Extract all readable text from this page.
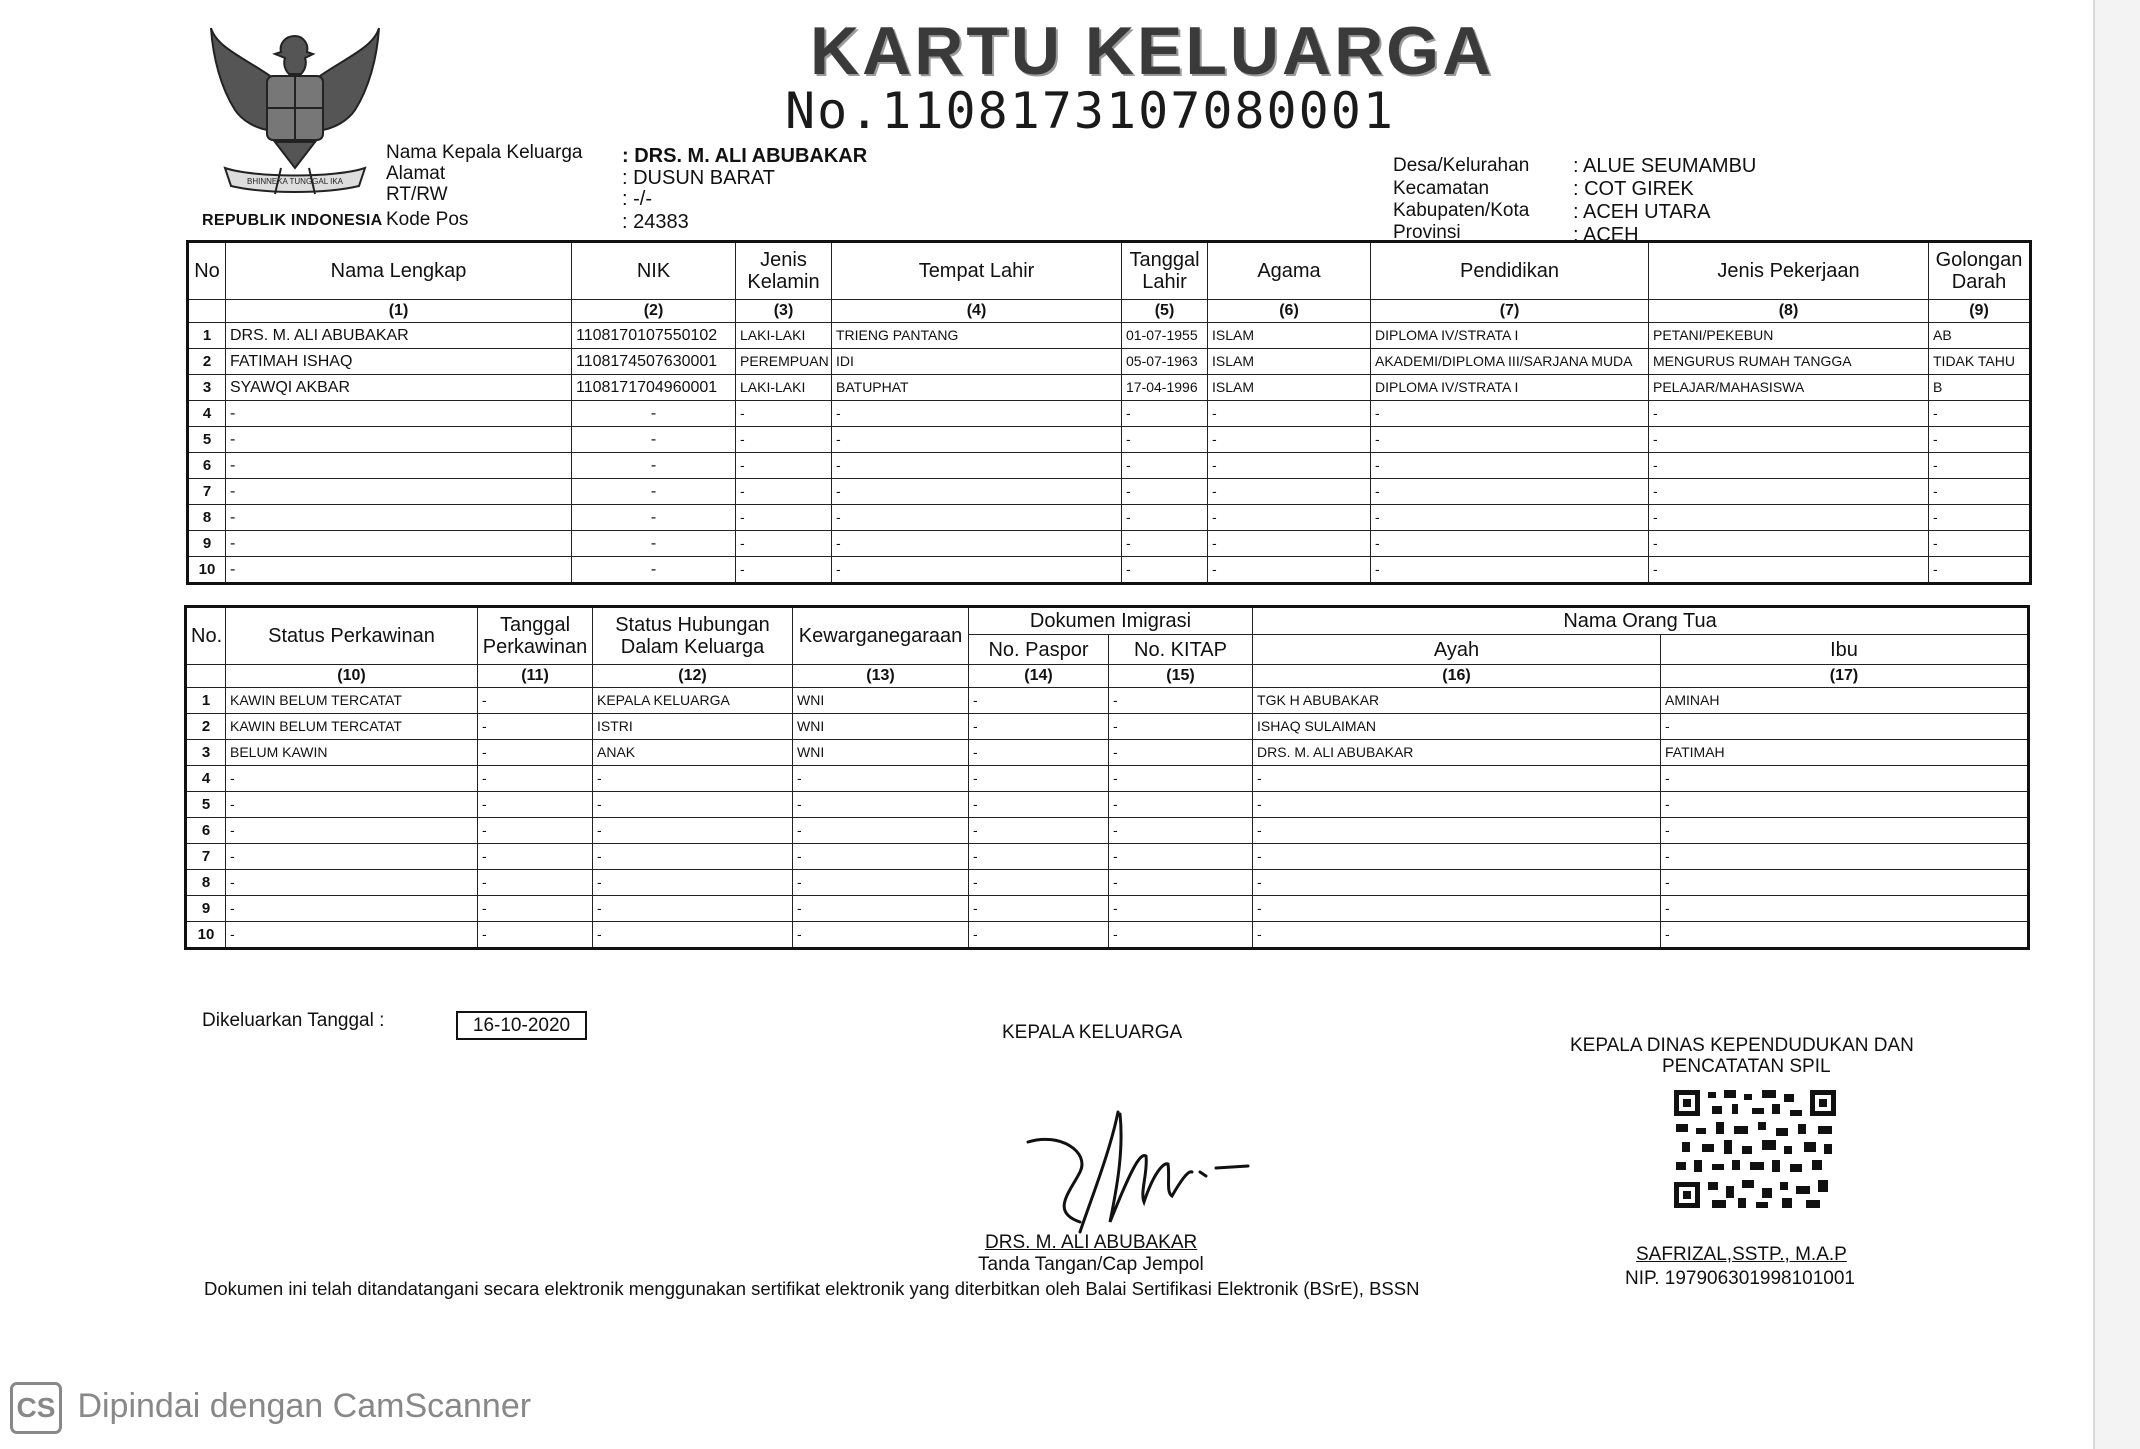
BHINNEKA TUNGGAL IKA
REPUBLIK INDONESIA
KARTU KELUARGA
No.1108173107080001
Nama Kepala Keluarga : DRS. M. ALI ABUBAKAR
Alamat	: DUSUN BARAT
RT/RW	: -/-
Kode Pos	: 24383
Desa/Kelurahan : ALUE SEUMAMBU
Kecamatan	: COT GIREK
Kabupaten/Kota : ACEH UTARA
Provinsi	: ACEH
No	Nama Lengkap	NIK	Jenis Kelamin	Tempat Lahir	Tanggal Lahir	Agama	Pendidikan	Jenis Pekerjaan	Golongan Darah
	(1)	(2)	(3)	(4)	(5)	(6)	(7)	(8)	(9)
1	DRS. M. ALI ABUBAKAR	1108170107550102	LAKI-LAKI	TRIENG PANTANG	01-07-1955	ISLAM	DIPLOMA IV/STRATA I	PETANI/PEKEBUN	AB
2	FATIMAH ISHAQ	1108174507630001	PEREMPUAN	IDI	05-07-1963	ISLAM	AKADEMI/DIPLOMA III/SARJANA MUDA	MENGURUS RUMAH TANGGA	TIDAK TAHU
3	SYAWQI AKBAR	1108171704960001	LAKI-LAKI	BATUPHAT	17-04-1996	ISLAM	DIPLOMA IV/STRATA I	PELAJAR/MAHASISWA	B
4	-	-	-	-	-	-	-	-	-
5	-	-	-	-	-	-	-	-	-
6	-	-	-	-	-	-	-	-	-
7	-	-	-	-	-	-	-	-	-
8	-	-	-	-	-	-	-	-	-
9	-	-	-	-	-	-	-	-	-
10	-	-	-	-	-	-	-	-	-
No.	Status Perkawinan	Tanggal Perkawinan	Status Hubungan Dalam Keluarga	Kewarganegaraan	Dokumen Imigrasi		Nama Orang Tua	
					No. Paspor	No. KITAP	Ayah	Ibu
	(10)	(11)	(12)	(13)	(14)	(15)	(16)	(17)
1	KAWIN BELUM TERCATAT	-	KEPALA KELUARGA	WNI	-	-	TGK H ABUBAKAR	AMINAH
2	KAWIN BELUM TERCATAT	-	ISTRI	WNI	-	-	ISHAQ SULAIMAN	-
3	BELUM KAWIN	-	ANAK	WNI	-	-	DRS. M. ALI ABUBAKAR	FATIMAH
4	-	-	-	-	-	-	-	-
5	-	-	-	-	-	-	-	-
6	-	-	-	-	-	-	-	-
7	-	-	-	-	-	-	-	-
8	-	-	-	-	-	-	-	-
9	-	-	-	-	-	-	-	-
10	-	-	-	-	-	-	-	-
Dikeluarkan Tanggal :	16-10-2020	KEPALA KELUARGA
DRS. M. ALI ABUBAKAR
Tanda Tangan/Cap Jempol
KEPALA DINAS KEPENDUDUKAN DAN
PENCATATAN SPIL
SAFRIZAL,SSTP., M.A.P
NIP. 197906301998101001
Dokumen ini telah ditandatangani secara elektronik menggunakan sertifikat elektronik yang diterbitkan oleh Balai Sertifikasi Elektronik (BSrE), BSSN
CS Dipindai dengan CamScanner
